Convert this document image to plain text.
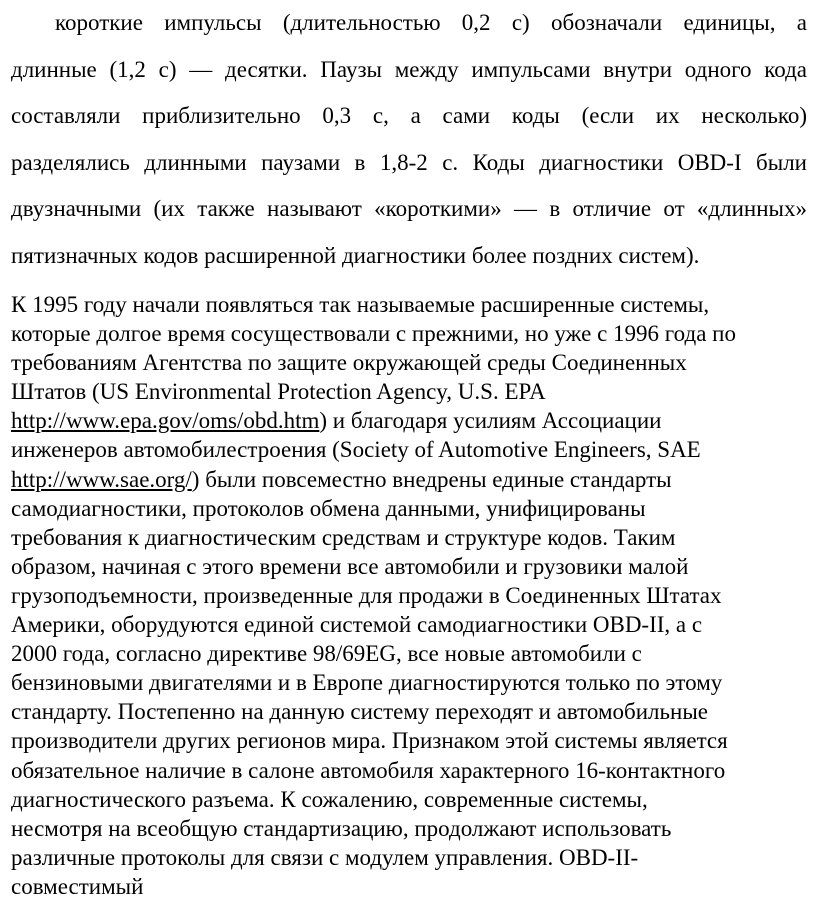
короткие импульсы (длительностью 0,2 с) обозначали единицы, а
длинные (1,2 с) — десятки. Паузы между импульсами внутри одного кода
составляли приблизительно 0,3 с, а сами коды (если их несколько)
разделялись длинными паузами в 1,8-2 с. Коды диагностики OBD-I были
двузначными (их также называют «короткими» — в отличие от «длинных»
пятизначных кодов расширенной диагностики более поздних систем).
К 1995 году начали появляться так называемые расширенные системы,
которые долгое время сосуществовали с прежними, но уже с 1996 года по
требованиям Агентства по защите окружающей среды Соединенных
Штатов (US Environmental Protection Agency, U.S. EPA
http://www.epa.gov/oms/obd.htm) и благодаря усилиям Ассоциации
инженеров автомобилестроения (Society of Automotive Engineers, SAE
http://www.sae.org/) были повсеместно внедрены единые стандарты
самодиагностики, протоколов обмена данными, унифицированы
требования к диагностическим средствам и структуре кодов. Таким
образом, начиная с этого времени все автомобили и грузовики малой
грузоподъемности, произведенные для продажи в Соединенных Штатах
Америки, оборудуются единой системой самодиагностики OBD-II, а с
2000 года, согласно директиве 98/69EG, все новые автомобили с
бензиновыми двигателями и в Европе диагностируются только по этому
стандарту. Постепенно на данную систему переходят и автомобильные
производители других регионов мира. Признаком этой системы является
обязательное наличие в салоне автомобиля характерного 16-контактного
диагностического разъема. К сожалению, современные системы,
несмотря на всеобщую стандартизацию, продолжают использовать
различные протоколы для связи с модулем управления. OBD-II-
совместимый
